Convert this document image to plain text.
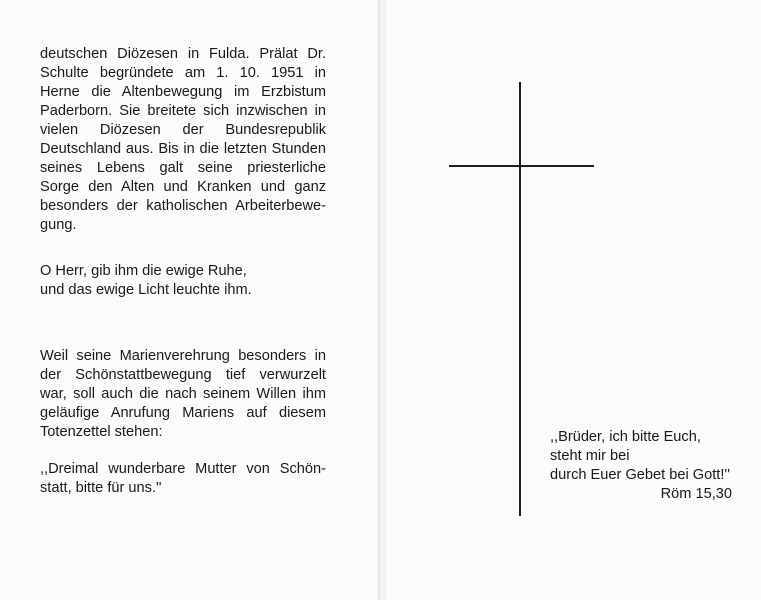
deutschen Diözesen in Fulda. Prälat Dr.
Schulte begründete am 1. 10. 1951 in
Herne die Altenbewegung im Erzbistum
Paderborn. Sie breitete sich inzwischen in
vielen Diözesen der Bundesrepublik
Deutschland aus. Bis in die letzten Stunden
seines Lebens galt seine priesterliche
Sorge den Alten und Kranken und ganz
besonders der katholischen Arbeiterbewe-
gung.
O Herr, gib ihm die ewige Ruhe,
und das ewige Licht leuchte ihm.
Weil seine Marienverehrung besonders in
der Schönstattbewegung tief verwurzelt
war, soll auch die nach seinem Willen ihm
geläufige Anrufung Mariens auf diesem
Totenzettel stehen:
,,Dreimal wunderbare Mutter von Schön-
statt, bitte für uns.''
,,Brüder, ich bitte Euch,
steht mir bei
durch Euer Gebet bei Gott!''
Röm 15,30
